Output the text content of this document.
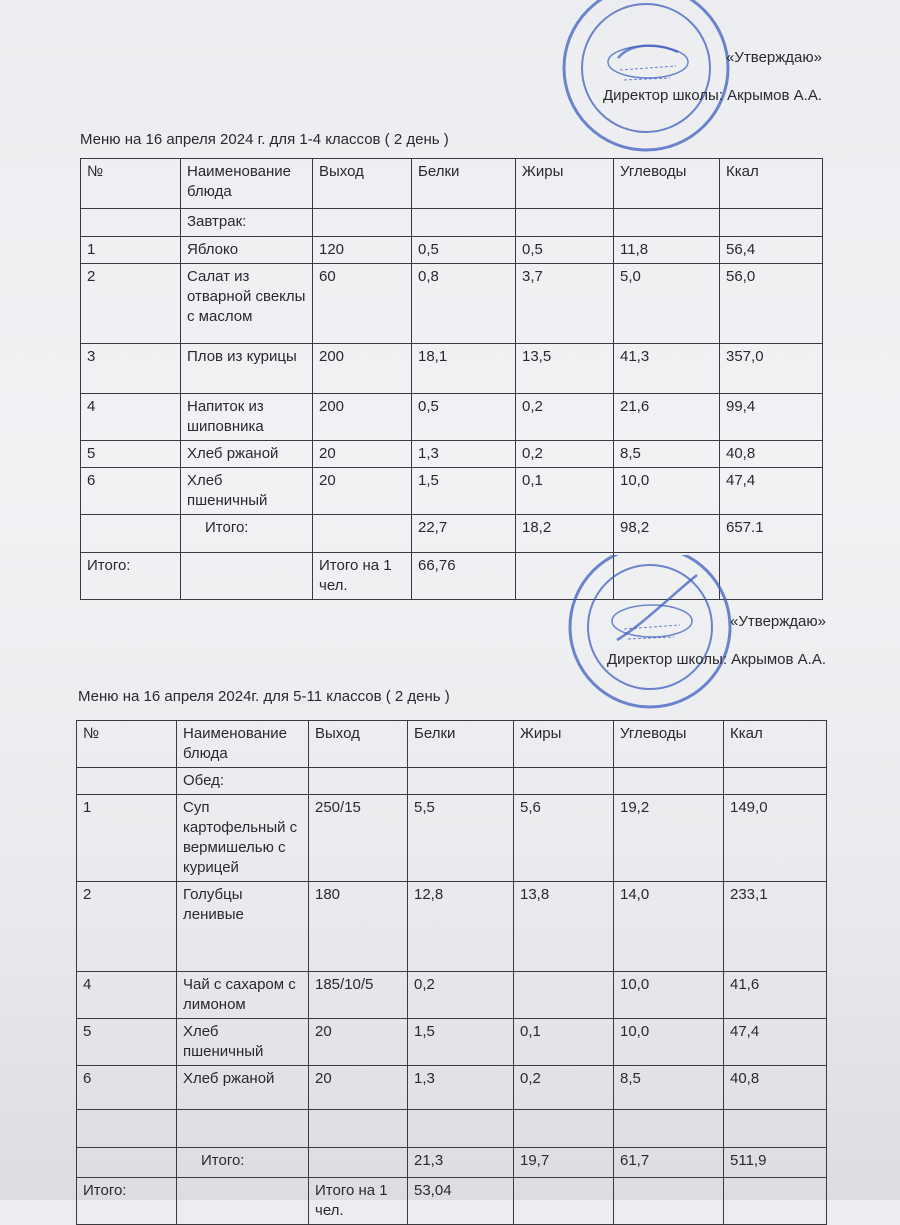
«Утверждаю»
Директор школы: Акрымов А.А.
Меню на 16 апреля 2024 г. для 1-4 классов ( 2 день )
№	Наименование блюда	Выход	Белки	Жиры	Углеводы	Ккал
	Завтрак:					
1	Яблоко	120	0,5	0,5	11,8	56,4
2	Салат из отварной свеклы с маслом	60	0,8	3,7	5,0	56,0
3	Плов из курицы	200	18,1	13,5	41,3	357,0
4	Напиток из шиповника	200	0,5	0,2	21,6	99,4
5	Хлеб ржаной	20	1,3	0,2	8,5	40,8
6	Хлеб пшеничный	20	1,5	0,1	10,0	47,4
	Итого:		22,7	18,2	98,2	657.1
Итого:		Итого на 1 чел.	66,76			
«Утверждаю»
Директор школы: Акрымов А.А.
Меню на 16 апреля 2024г. для 5-11 классов ( 2 день )
№	Наименование блюда	Выход	Белки	Жиры	Углеводы	Ккал
	Обед:					
1	Суп картофельный с вермишелью с курицей	250/15	5,5	5,6	19,2	149,0
2	Голубцы ленивые	180	12,8	13,8	14,0	233,1
4	Чай с сахаром с лимоном	185/10/5	0,2		10,0	41,6
5	Хлеб пшеничный	20	1,5	0,1	10,0	47,4
6	Хлеб ржаной	20	1,3	0,2	8,5	40,8

	Итого:		21,3	19,7	61,7	511,9
Итого:		Итого на 1 чел.	53,04			
